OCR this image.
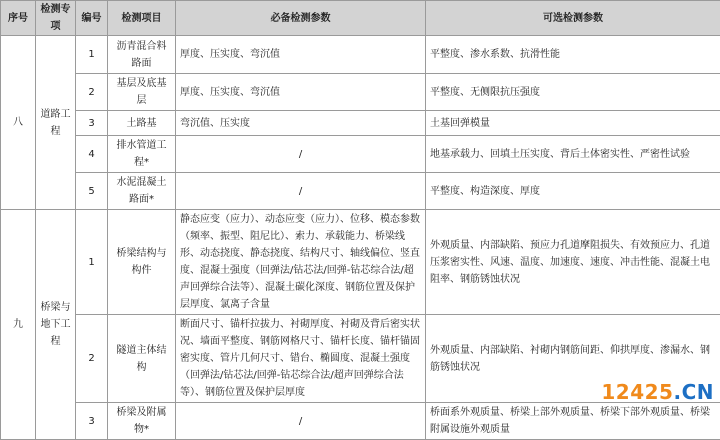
序号	检测专项	编号	检测项目	必备检测参数	可选检测参数
八	道路工程	1	沥青混合料路面	厚度、压实度、弯沉值	平整度、渗水系数、抗滑性能
		2	基层及底基层	厚度、压实度、弯沉值	平整度、无侧限抗压强度
		3	土路基	弯沉值、压实度	土基回弹模量
		4	排水管道工程*	/	地基承载力、回填土压实度、背后土体密实性、严密性试验
		5	水泥混凝土路面*	/	平整度、构造深度、厚度
九	桥梁与地下工程	1	桥梁结构与构件	静态应变（应力）、动态应变（应力）、位移、模态参数（频率、振型、阻尼比）、索力、承载能力、桥梁线形、动态挠度、静态挠度、结构尺寸、轴线偏位、竖直度、混凝土强度（回弹法/钻芯法/回弹-钻芯综合法/超声回弹综合法等）、混凝土碳化深度、钢筋位置及保护层厚度、氯离子含量	外观质量、内部缺陷、预应力孔道摩阻损失、有效预应力、孔道压浆密实性、风速、温度、加速度、速度、冲击性能、混凝土电阻率、钢筋锈蚀状况
		2	隧道主体结构	断面尺寸、锚杆拉拔力、衬砌厚度、衬砌及背后密实状况、墙面平整度、钢筋网格尺寸、锚杆长度、锚杆锚固密实度、管片几何尺寸、错台、椭圆度、混凝土强度（回弹法/钻芯法/回弹-钻芯综合法/超声回弹综合法等）、钢筋位置及保护层厚度	外观质量、内部缺陷、衬砌内钢筋间距、仰拱厚度、渗漏水、钢筋锈蚀状况
		3	桥梁及附属物*	/	桥面系外观质量、桥梁上部外观质量、桥梁下部外观质量、桥梁附属设施外观质量	12425.CN
